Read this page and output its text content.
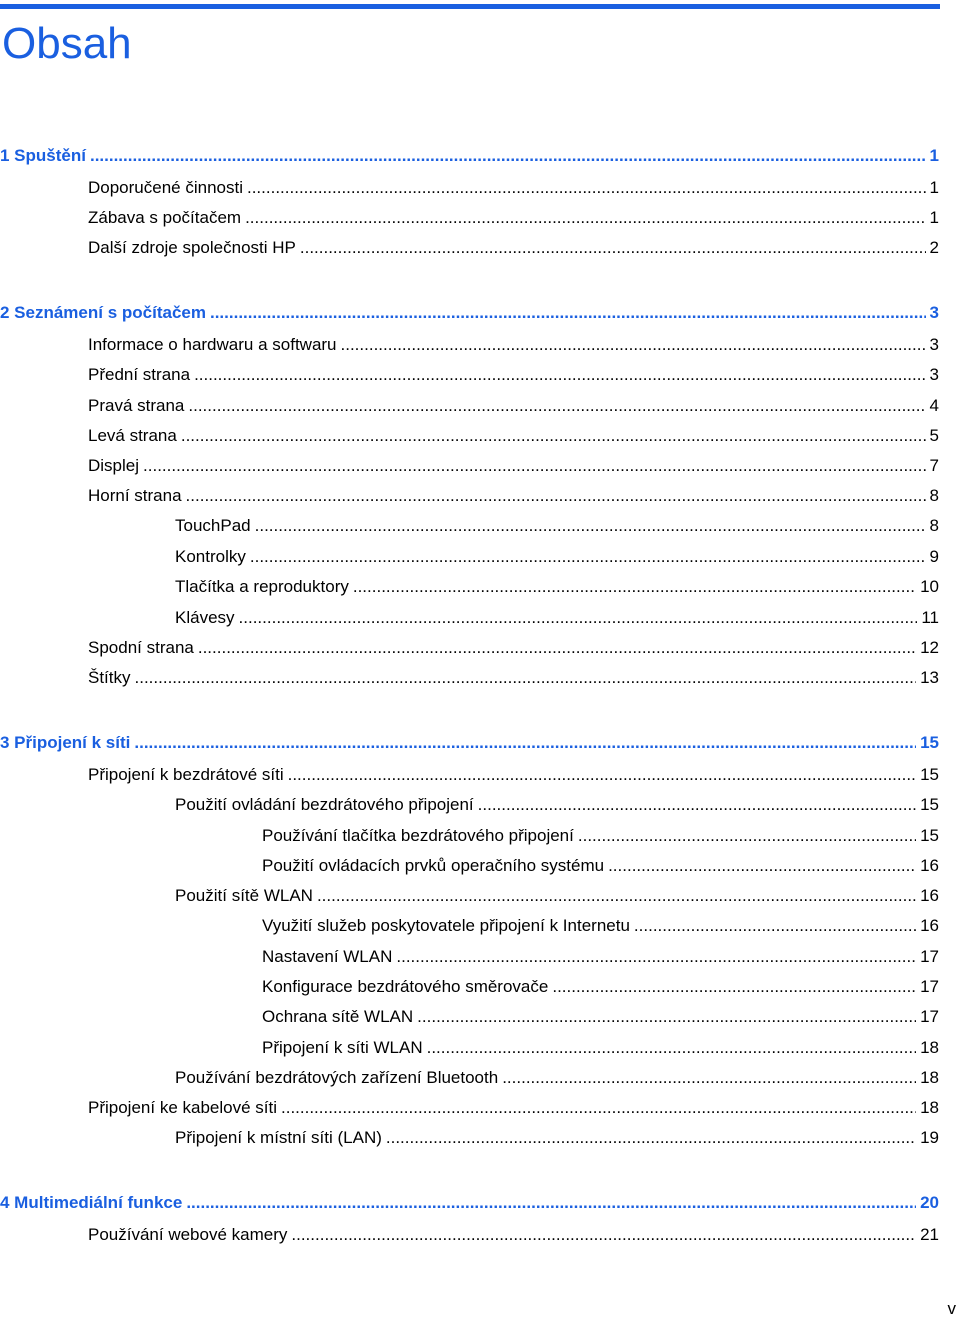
Obsah
1 Spuštění .....	1
Doporučené činnosti .....	1
Zábava s počítačem .....	1
Další zdroje společnosti HP .....	2
2 Seznámení s počítačem .....	3
Informace o hardwaru a softwaru .....	3
Přední strana .....	3
Pravá strana .....	4
Levá strana .....	5
Displej .....	7
Horní strana .....	8
TouchPad .....	8
Kontrolky .....	9
Tlačítka a reproduktory .....	10
Klávesy .....	11
Spodní strana .....	12
Štítky .....	13
3 Připojení k síti .....	15
Připojení k bezdrátové síti .....	15
Použití ovládání bezdrátového připojení .....	15
Používání tlačítka bezdrátového připojení .....	15
Použití ovládacích prvků operačního systému .....	16
Použití sítě WLAN .....	16
Využití služeb poskytovatele připojení k Internetu .....	16
Nastavení WLAN .....	17
Konfigurace bezdrátového směrovače .....	17
Ochrana sítě WLAN .....	17
Připojení k síti WLAN .....	18
Používání bezdrátových zařízení Bluetooth .....	18
Připojení ke kabelové síti .....	18
Připojení k místní síti (LAN) .....	19
4 Multimediální funkce .....	20
Používání webové kamery .....	21
v
